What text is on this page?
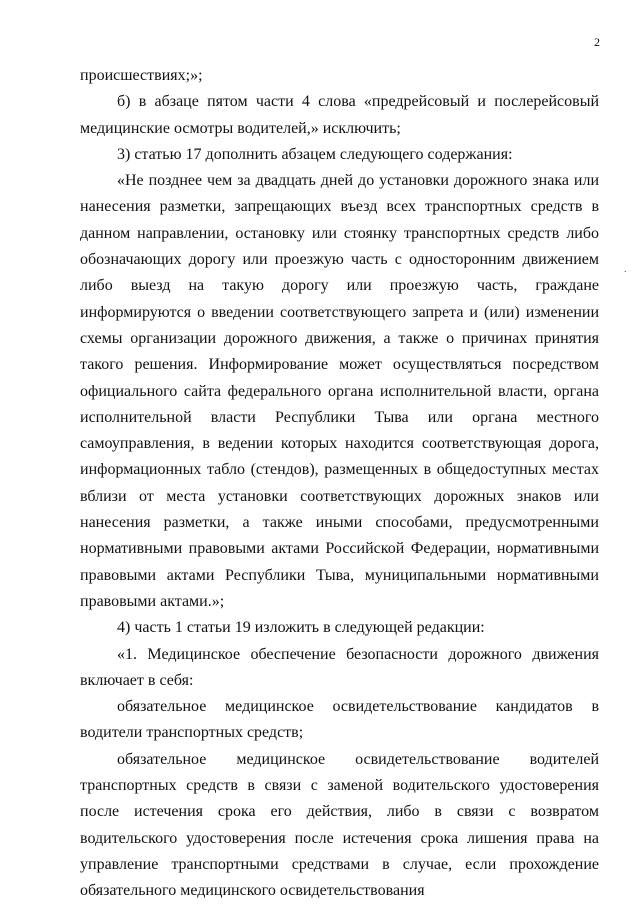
2

происшествиях;»;

б) в абзаце пятом части 4 слова «предрейсовый и послерейсовый медицинские осмотры водителей,» исключить;

3) статью 17 дополнить абзацем следующего содержания:

«Не позднее чем за двадцать дней до установки дорожного знака или нанесения разметки, запрещающих въезд всех транспортных средств в данном направлении, остановку или стоянку транспортных средств либо обозначающих дорогу или проезжую часть с односторонним движением либо выезд на такую дорогу или проезжую часть, граждане информируются о введении соответствующего запрета и (или) изменении схемы организации дорожного движения, а также о причинах принятия такого решения. Информирование может осуществляться посредством официального сайта федерального органа исполнительной власти, органа исполнительной власти Республики Тыва или органа местного самоуправления, в ведении которых находится соответствующая дорога, информационных табло (стендов), размещенных в общедоступных местах вблизи от места установки соответствующих дорожных знаков или нанесения разметки, а также иными способами, предусмотренными нормативными правовыми актами Российской Федерации, нормативными правовыми актами Республики Тыва, муниципальными нормативными правовыми актами.»;

4) часть 1 статьи 19 изложить в следующей редакции:

«1. Медицинское обеспечение безопасности дорожного движения включает в себя:

обязательное медицинское освидетельствование кандидатов в водители транспортных средств;

обязательное медицинское освидетельствование водителей транспортных средств в связи с заменой водительского удостоверения после истечения срока его действия, либо в связи с возвратом водительского удостоверения после истечения срока лишения права на управление транспортными средствами в случае, если прохождение обязательного медицинского освидетельствования

.
